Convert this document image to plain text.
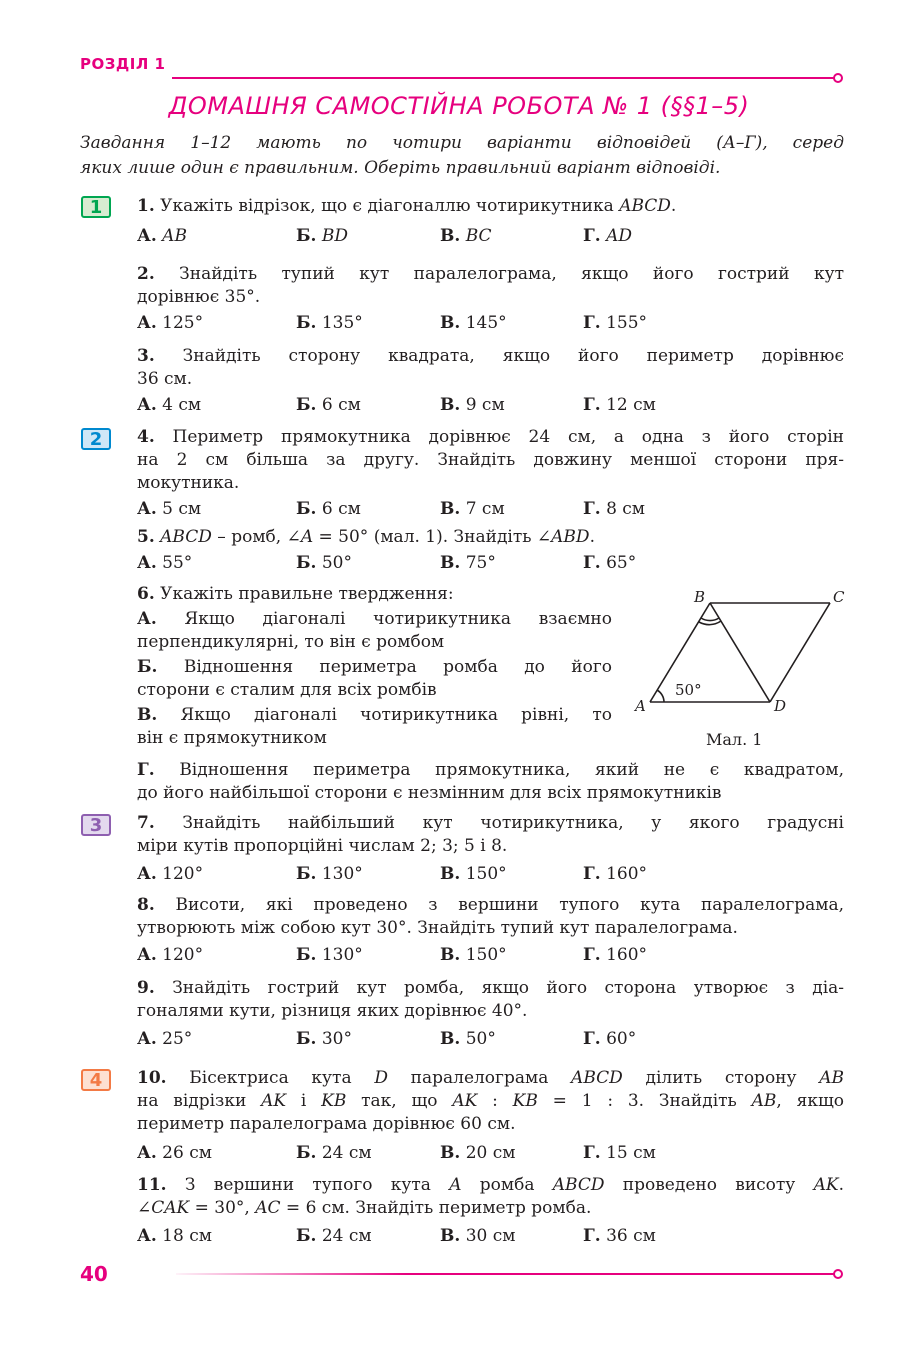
РОЗДІЛ 1
ДОМАШНЯ САМОСТІЙНА РОБОТА № 1 (§§1–5)
Завдання 1–12 мають по чотири варіанти відповідей (А–Г), серед
яких лише один є правильним. Оберіть правильний варіант відповіді.
1
2
3
4
1. Укажіть відрізок, що є діагоналлю чотирикутника ABCD.
А. AB	Б. BD	В. BC	Г. AD
2. Знайдіть тупий кут паралелограма, якщо його гострий кут
дорівнює 35°.
А. 125°	Б. 135°	В. 145°	Г. 155°
3. Знайдіть сторону квадрата, якщо його периметр дорівнює
36 см.
А. 4 см	Б. 6 см	В. 9 см	Г. 12 см
4. Периметр прямокутника дорівнює 24 см, а одна з його сторін
на 2 см більша за другу. Знайдіть довжину меншої сторони пря-
мокутника.
А. 5 см	Б. 6 см	В. 7 см	Г. 8 см
5. ABCD – ромб, ∠A = 50° (мал. 1). Знайдіть ∠ABD.
А. 55°	Б. 50°	В. 75°	Г. 65°
6. Укажіть правильне твердження:
А. Якщо діагоналі чотирикутника взаємно
перпендикулярні, то він є ромбом
Б. Відношення периметра ромба до його
сторони є сталим для всіх ромбів
В. Якщо діагоналі чотирикутника рівні, то
він є прямокутником
Г. Відношення периметра прямокутника, який не є квадратом,
до його найбільшої сторони є незмінним для всіх прямокутників
A
B	C
D
50°
Мал. 1
7. Знайдіть найбільший кут чотирикутника, у якого градусні
міри кутів пропорційні числам 2; 3; 5 і 8.
А. 120°	Б. 130°	В. 150°	Г. 160°
8. Висоти, які проведено з вершини тупого кута паралелограма,
утворюють між собою кут 30°. Знайдіть тупий кут паралелограма.
А. 120°	Б. 130°	В. 150°	Г. 160°
9. Знайдіть гострий кут ромба, якщо його сторона утворює з діа-
гоналями кути, різниця яких дорівнює 40°.
А. 25°	Б. 30°	В. 50°	Г. 60°
10. Бісектриса кута D паралелограма ABCD ділить сторону AB
на відрізки AK і KB так, що AK : KB = 1 : 3. Знайдіть AB, якщо
периметр паралелограма дорівнює 60 см.
А. 26 см	Б. 24 см	В. 20 см	Г. 15 см
11. З вершини тупого кута A ромба ABCD проведено висоту AK.
∠CAK = 30°, AC = 6 см. Знайдіть периметр ромба.
А. 18 см	Б. 24 см	В. 30 см	Г. 36 см
40
